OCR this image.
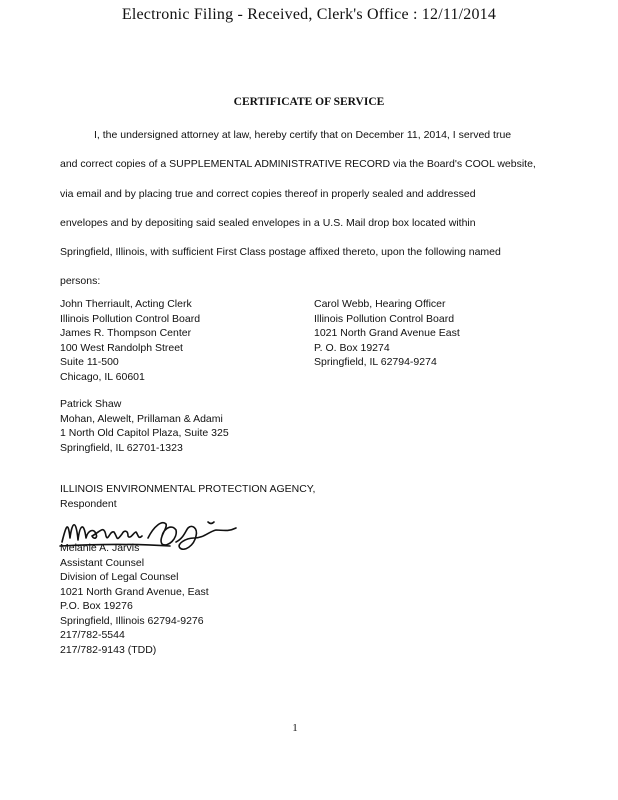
Electronic Filing - Received, Clerk's Office : 12/11/2014
CERTIFICATE OF SERVICE
I, the undersigned attorney at law, hereby certify that on December 11, 2014, I served true
and correct copies of a SUPPLEMENTAL ADMINISTRATIVE RECORD via the Board's COOL website,
via email and by placing true and correct copies thereof in properly sealed and addressed
envelopes and by depositing said sealed envelopes in a U.S. Mail drop box located within
Springfield, Illinois, with sufficient First Class postage affixed thereto, upon the following named
persons:
John Therriault, Acting Clerk
Illinois Pollution Control Board
James R. Thompson Center
100 West Randolph Street
Suite 11-500
Chicago, IL 60601
Carol Webb, Hearing Officer
Illinois Pollution Control Board
1021 North Grand Avenue East
P. O. Box 19274
Springfield, IL 62794-9274
Patrick Shaw
Mohan, Alewelt, Prillaman & Adami
1 North Old Capitol Plaza, Suite 325
Springfield, IL 62701-1323
ILLINOIS ENVIRONMENTAL PROTECTION AGENCY,
Respondent
Melanie A. Jarvis
Assistant Counsel
Division of Legal Counsel
1021 North Grand Avenue, East
P.O. Box 19276
Springfield, Illinois 62794-9276
217/782-5544
217/782-9143 (TDD)
1
